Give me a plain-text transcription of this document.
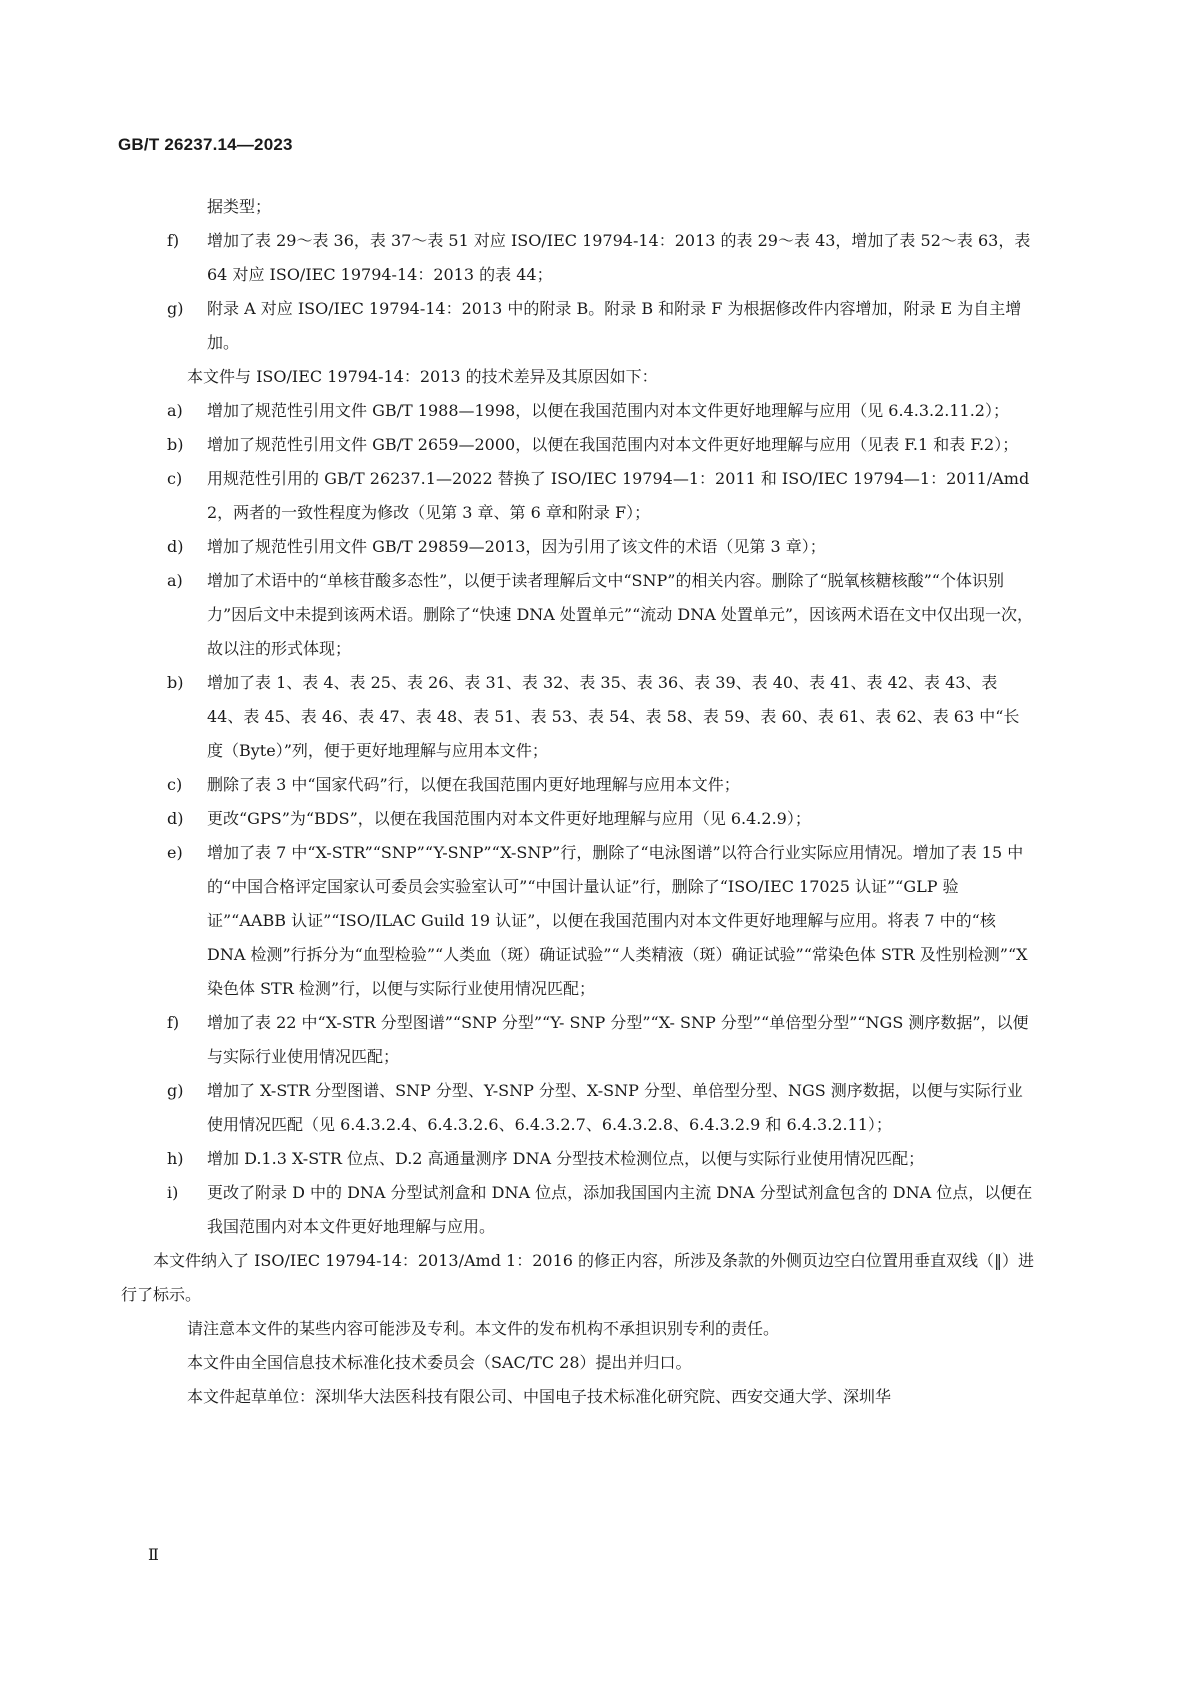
GB/T 26237.14—2023
据类型；
f) 增加了表 29～表 36，表 37～表 51 对应 ISO/IEC 19794-14：2013 的表 29～表 43，增加了表 52～表 63，表 64 对应 ISO/IEC 19794-14：2013 的表 44；
g) 附录 A 对应 ISO/IEC 19794-14：2013 中的附录 B。附录 B 和附录 F 为根据修改件内容增加，附录 E 为自主增加。
本文件与 ISO/IEC 19794-14：2013 的技术差异及其原因如下：
a) 增加了规范性引用文件 GB/T 1988—1998，以便在我国范围内对本文件更好地理解与应用（见 6.4.3.2.11.2）；
b) 增加了规范性引用文件 GB/T 2659—2000，以便在我国范围内对本文件更好地理解与应用（见表 F.1 和表 F.2）；
c) 用规范性引用的 GB/T 26237.1—2022 替换了 ISO/IEC 19794—1：2011 和 ISO/IEC 19794—1：2011/Amd 2，两者的一致性程度为修改（见第 3 章、第 6 章和附录 F）；
d) 增加了规范性引用文件 GB/T 29859—2013，因为引用了该文件的术语（见第 3 章）；
a) 增加了术语中的“单核苷酸多态性”，以便于读者理解后文中“SNP”的相关内容。删除了“脱氧核糖核酸”“个体识别力”因后文中未提到该两术语。删除了“快速 DNA 处置单元”“流动 DNA 处置单元”，因该两术语在文中仅出现一次，故以注的形式体现；
b) 增加了表 1、表 4、表 25、表 26、表 31、表 32、表 35、表 36、表 39、表 40、表 41、表 42、表 43、表 44、表 45、表 46、表 47、表 48、表 51、表 53、表 54、表 58、表 59、表 60、表 61、表 62、表 63 中“长度（Byte）”列，便于更好地理解与应用本文件；
c) 删除了表 3 中“国家代码”行，以便在我国范围内更好地理解与应用本文件；
d) 更改“GPS”为“BDS”，以便在我国范围内对本文件更好地理解与应用（见 6.4.2.9）；
e) 增加了表 7 中“X-STR”“SNP”“Y-SNP”“X-SNP”行，删除了“电泳图谱”以符合行业实际应用情况。增加了表 15 中的“中国合格评定国家认可委员会实验室认可”“中国计量认证”行，删除了“ISO/IEC 17025 认证”“GLP 验证”“AABB 认证”“ISO/ILAC Guild 19 认证”，以便在我国范围内对本文件更好地理解与应用。将表 7 中的“核 DNA 检测”行拆分为“血型检验”“人类血（斑）确证试验”“人类精液（斑）确证试验”“常染色体 STR 及性别检测”“X 染色体 STR 检测”行，以便与实际行业使用情况匹配；
f) 增加了表 22 中“X-STR 分型图谱”“SNP 分型”“Y- SNP 分型”“X- SNP 分型”“单倍型分型”“NGS 测序数据”，以便与实际行业使用情况匹配；
g) 增加了 X-STR 分型图谱、SNP 分型、Y-SNP 分型、X-SNP 分型、单倍型分型、NGS 测序数据，以便与实际行业使用情况匹配（见 6.4.3.2.4、6.4.3.2.6、6.4.3.2.7、6.4.3.2.8、6.4.3.2.9 和 6.4.3.2.11）；
h) 增加 D.1.3 X-STR 位点、D.2 高通量测序 DNA 分型技术检测位点，以便与实际行业使用情况匹配；
i) 更改了附录 D 中的 DNA 分型试剂盒和 DNA 位点，添加我国国内主流 DNA 分型试剂盒包含的 DNA 位点，以便在我国范围内对本文件更好地理解与应用。
本文件纳入了 ISO/IEC 19794-14：2013/Amd 1：2016 的修正内容，所涉及条款的外侧页边空白位置用垂直双线（‖）进行了标示。
请注意本文件的某些内容可能涉及专利。本文件的发布机构不承担识别专利的责任。
本文件由全国信息技术标准化技术委员会（SAC/TC 28）提出并归口。
本文件起草单位：深圳华大法医科技有限公司、中国电子技术标准化研究院、西安交通大学、深圳华
Ⅱ
